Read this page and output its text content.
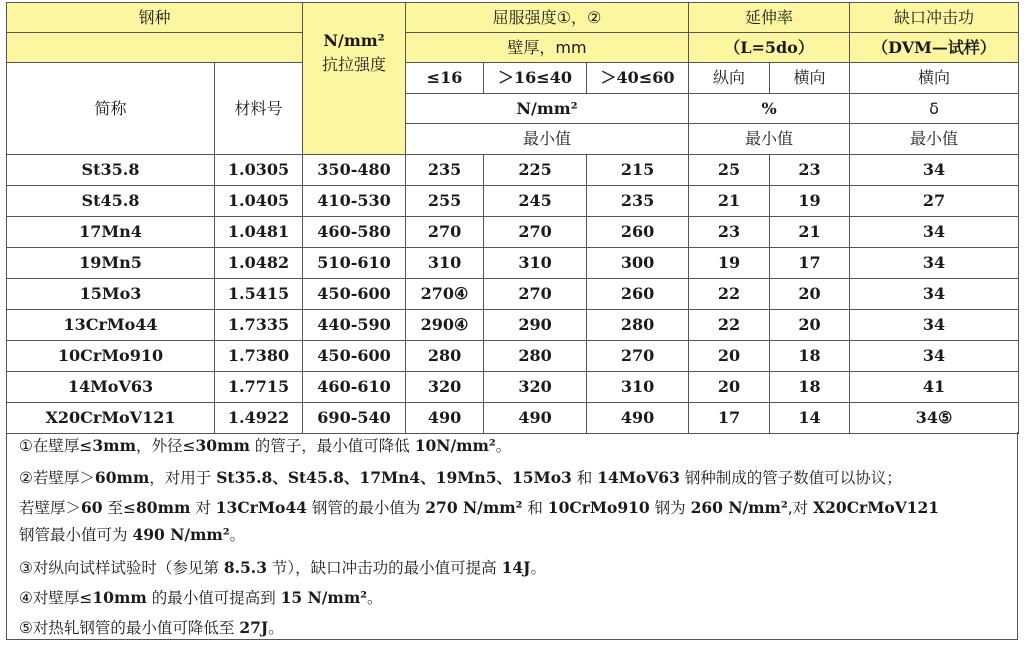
钢种		抗拉强度
N/mm²	屈服强度①，②			延伸率		缺口冲击功
			壁厚，mm			（L=5do）		（DVM—试样）
简称	材料号		≤16	＞16≤40	＞40≤60	纵向	横向	横向
			N/mm²			%		δ
			最小值			最小值		最小值
St35.8	1.0305	350-480	235	225	215	25	23	34
St45.8	1.0405	410-530	255	245	235	21	19	27
17Mn4	1.0481	460-580	270	270	260	23	21	34
19Mn5	1.0482	510-610	310	310	300	19	17	34
15Mo3	1.5415	450-600	270④	270	260	22	20	34
13CrMo44	1.7335	440-590	290④	290	280	22	20	34
10CrMo910	1.7380	450-600	280	280	270	20	18	34
14MoV63	1.7715	460-610	320	320	310	20	18	41
X20CrMoV121	1.4922	690-540	490	490	490	17	14	34⑤

①在壁厚≤3mm，外径≤30mm 的管子，最小值可降低 10N/mm²。

②若壁厚＞60mm，对用于 St35.8、St45.8、17Mn4、19Mn5、15Mo3 和 14MoV63 钢种制成的管子数值可以协议；

若壁厚＞60 至≤80mm 对 13CrMo44 钢管的最小值为 270 N/mm² 和 10CrMo910 钢为 260 N/mm²,对 X20CrMoV121

钢管最小值可为 490 N/mm²。

③对纵向试样试验时（参见第 8.5.3 节），缺口冲击功的最小值可提高 14J。

④对壁厚≤10mm 的最小值可提高到 15 N/mm²。

⑤对热轧钢管的最小值可降低至 27J。
